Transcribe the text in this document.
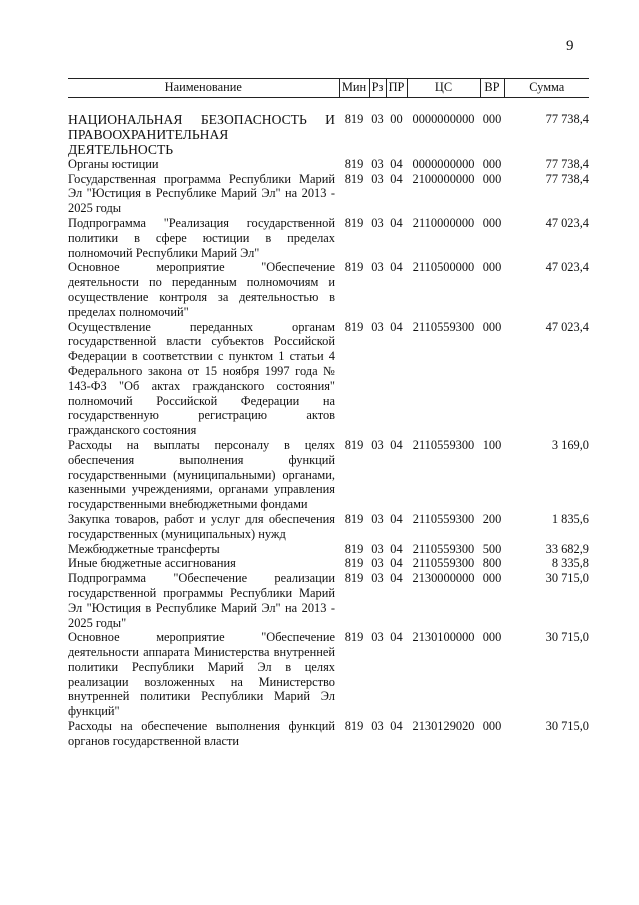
9
Наименование	Мин	Рз	ПР	ЦС	ВР	Сумма
НАЦИОНАЛЬНАЯ БЕЗОПАСНОСТЬ И ПРАВООХРАНИТЕЛЬНАЯ ДЕЯТЕЛЬНОСТЬ	819	03	00	0000000000	000	77 738,4
Органы юстиции	819	03	04	0000000000	000	77 738,4
Государственная программа Республики Марий Эл "Юстиция в Республике Марий Эл" на 2013 - 2025 годы	819	03	04	2100000000	000	77 738,4
Подпрограмма "Реализация государственной политики в сфере юстиции в пределах полномочий Республики Марий Эл"	819	03	04	2110000000	000	47 023,4
Основное мероприятие "Обеспечение деятельности по переданным полномочиям и осуществление контроля за деятельностью в пределах полномочий"	819	03	04	2110500000	000	47 023,4
Осуществление переданных органам государственной власти субъектов Российской Федерации в соответствии с пунктом 1 статьи 4 Федерального закона от 15 ноября 1997 года № 143-ФЗ "Об актах гражданского состояния" полномочий Российской Федерации на государственную регистрацию актов гражданского состояния	819	03	04	2110559300	000	47 023,4
Расходы на выплаты персоналу в целях обеспечения выполнения функций государственными (муниципальными) органами, казенными учреждениями, органами управления государственными внебюджетными фондами	819	03	04	2110559300	100	3 169,0
Закупка товаров, работ и услуг для обеспечения государственных (муниципальных) нужд	819	03	04	2110559300	200	1 835,6
Межбюджетные трансферты	819	03	04	2110559300	500	33 682,9
Иные бюджетные ассигнования	819	03	04	2110559300	800	8 335,8
Подпрограмма "Обеспечение реализации государственной программы Республики Марий Эл "Юстиция в Республике Марий Эл" на 2013 - 2025 годы"	819	03	04	2130000000	000	30 715,0
Основное мероприятие "Обеспечение деятельности аппарата Министерства внутренней политики Республики Марий Эл в целях реализации возложенных на Министерство внутренней политики Республики Марий Эл функций"	819	03	04	2130100000	000	30 715,0
Расходы на обеспечение выполнения функций органов государственной власти	819	03	04	2130129020	000	30 715,0
